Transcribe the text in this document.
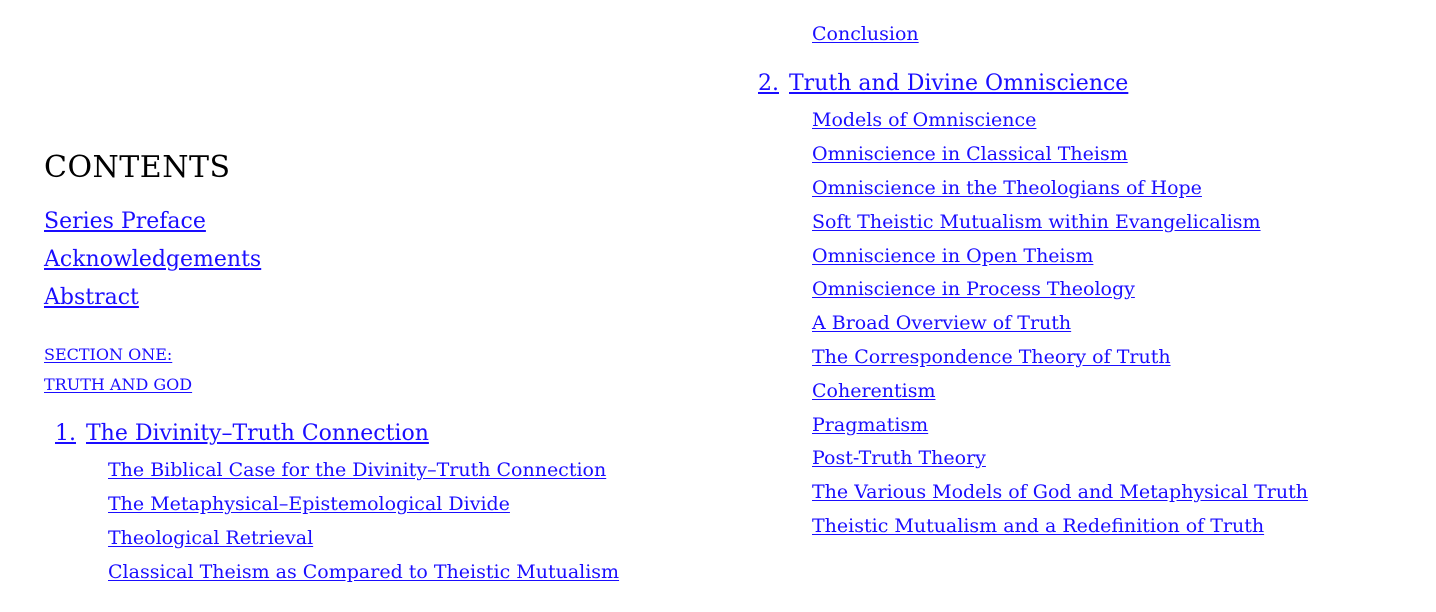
CONTENTS
Series Preface
Acknowledgements
Abstract
SECTION ONE:
TRUTH AND GOD
1. The Divinity–Truth Connection
The Biblical Case for the Divinity–Truth Connection
The Metaphysical–Epistemological Divide
Theological Retrieval
Classical Theism as Compared to Theistic Mutualism
Conclusion
2. Truth and Divine Omniscience
Models of Omniscience
Omniscience in Classical Theism
Omniscience in the Theologians of Hope
Soft Theistic Mutualism within Evangelicalism
Omniscience in Open Theism
Omniscience in Process Theology
A Broad Overview of Truth
The Correspondence Theory of Truth
Coherentism
Pragmatism
Post-Truth Theory
The Various Models of God and Metaphysical Truth
Theistic Mutualism and a Redefinition of Truth
